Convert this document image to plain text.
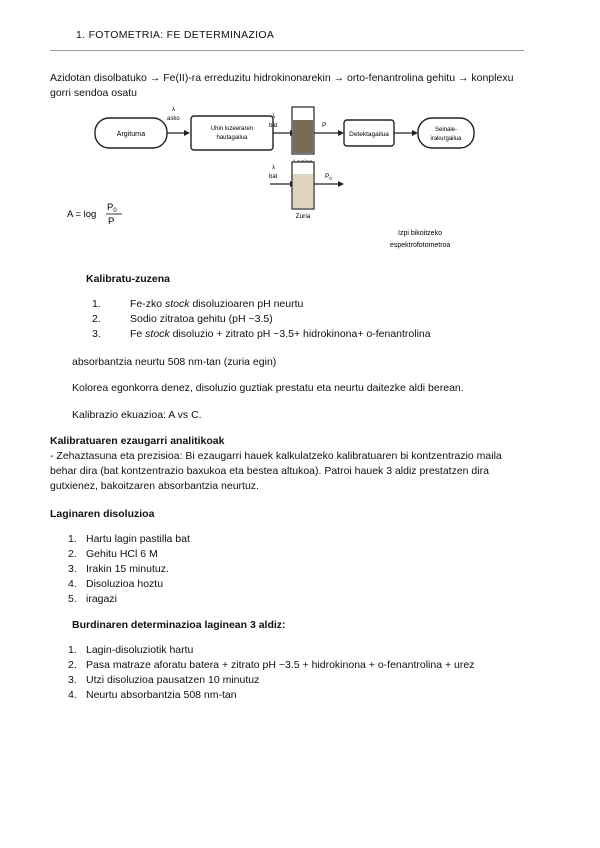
1. FOTOMETRIA: FE DETERMINAZIOA
Azidotan disolbatuko → Fe(II)-ra erreduzitu hidrokinonarekin → orto-fenantrolina gehitu → konplexu
gorri sendoa osatu
Argiturna
λ
asko
Uhin luzeeraren
hautagailua
λ
bat	P
Detektagailua
Seinale-
irakurgailua
λ
bat
Zuria
$P_0$
A = log
$P_0$
P
Izpi bikoitzeko
espektrofotometroa
Kalibratu-zuzena
1.	Fe-zko stock disoluzioaren pH neurtu
2.	Sodio zitratoa gehitu (pH ~3.5)
3.	Fe stock disoluzio + zitrato pH ~3.5+ hidrokinona+ o-fenantrolina
absorbantzia neurtu 508 nm-tan (zuria egin)
Kolorea egonkorra denez, disoluzio guztiak prestatu eta neurtu daitezke aldi berean.
Kalibrazio ekuazioa: A vs C.
Kalibratuaren ezaugarri analitikoak
- Zehaztasuna eta prezisioa: Bi ezaugarri hauek kalkulatzeko kalibratuaren bi kontzentrazio maila
behar dira (bat kontzentrazio baxukoa eta bestea altukoa). Patroi hauek 3 aldiz prestatzen dira
gutxienez, bakoitzaren absorbantzia neurtuz.
Laginaren disoluzioa
1. Hartu lagin pastilla bat
2. Gehitu HCl 6 M
3. Irakin 15 minutuz.
4. Disoluzioa hoztu
5. iragazi
Burdinaren determinazioa laginean 3 aldiz:
1. Lagin-disoluziotik hartu
2. Pasa matraze aforatu batera + zitrato pH ~3.5 + hidrokinona + o-fenantrolina + urez
3. Utzi disoluzioa pausatzen 10 minutuz
4. Neurtu absorbantzia 508 nm-tan
